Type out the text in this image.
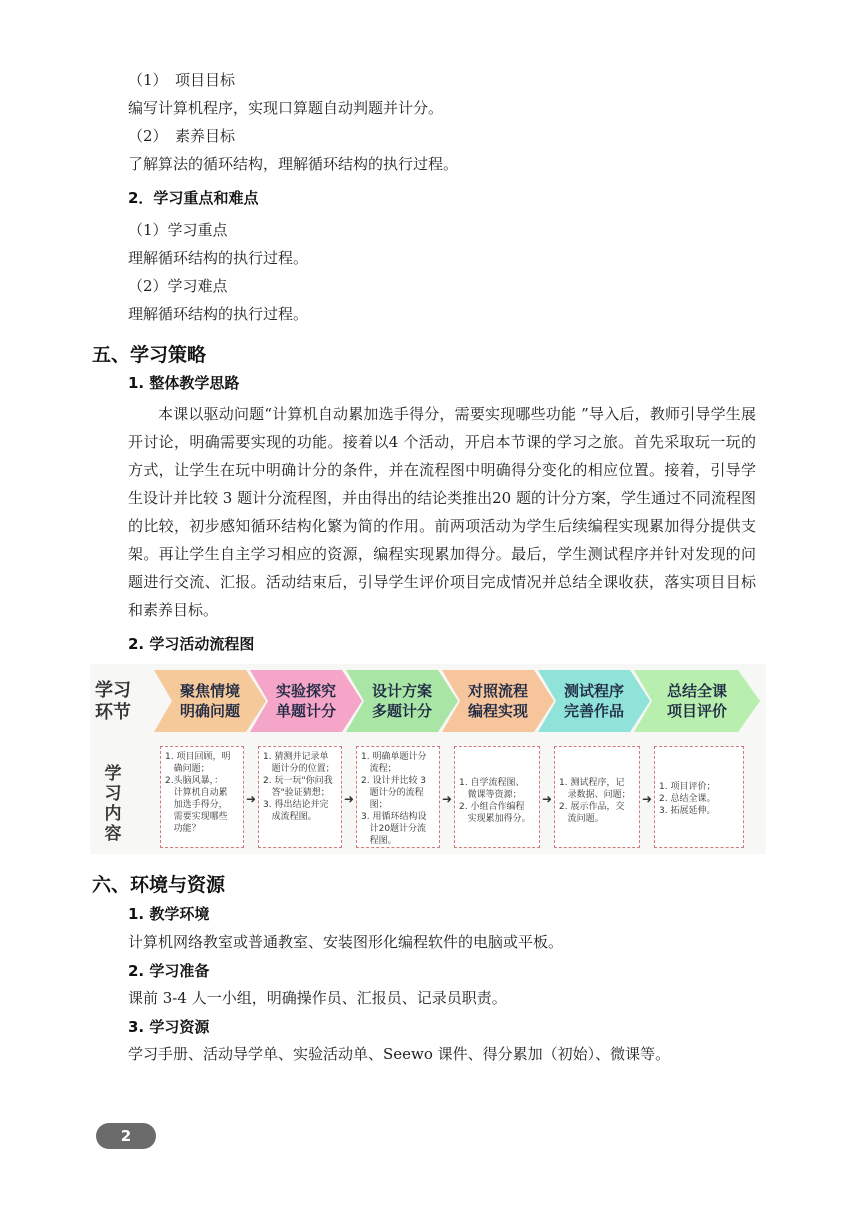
（1）　项目目标
编写计算机程序，实现口算题自动判题并计分。
（2）　素养目标
了解算法的循环结构，理解循环结构的执行过程。
2．学习重点和难点
（1）学习重点
理解循环结构的执行过程。
（2）学习难点
理解循环结构的执行过程。
五、学习策略
1. 整体教学思路
本课以驱动问题“计算机自动累加选手得分，需要实现哪些功能 ”导入后，教师引导学生展开讨论，明确需要实现的功能。接着以4 个活动，开启本节课的学习之旅。首先采取玩一玩的方式，让学生在玩中明确计分的条件，并在流程图中明确得分变化的相应位置。接着，引导学生设计并比较 3 题计分流程图，并由得出的结论类推出20 题的计分方案，学生通过不同流程图的比较，初步感知循环结构化繁为简的作用。前两项活动为学生后续编程实现累加得分提供支架。再让学生自主学习相应的资源，编程实现累加得分。最后，学生测试程序并针对发现的问题进行交流、汇报。活动结束后，引导学生评价项目完成情况并总结全课收获，落实项目目标和素养目标。
2. 学习活动流程图
学习
环节
学
习
内
容
聚焦情境
明确问题
实验探究
单题计分
设计方案
多题计分
对照流程
编程实现
测试程序
完善作品
总结全课
项目评价
1. 项目回顾，明
确问题；
2.头脑风暴，：
计算机自动累
加选手得分，
需要实现哪些
功能？
➜
1. 猜测并记录单
题计分的位置；
2. 玩一玩"你问我
答"验证猜想；
3. 得出结论并完
成流程图。
➜
1. 明确单题计分
流程；
2. 设计并比较 3
题计分的流程
图；
3. 用循环结构设
计20题计分流
程图。
➜
1. 自学流程图、
微课等资源；
2. 小组合作编程
实现累加得分。
➜
1. 测试程序，记
录数据、问题；
2. 展示作品，交
流问题。
➜
1. 项目评价；
2. 总结全课。
3. 拓展延伸。
六、环境与资源
1. 教学环境
计算机网络教室或普通教室、安装图形化编程软件的电脑或平板。
2. 学习准备
课前 3-4 人一小组，明确操作员、汇报员、记录员职责。
3. 学习资源
学习手册、活动导学单、实验活动单、Seewo 课件、得分累加（初始）、微课等。
2
